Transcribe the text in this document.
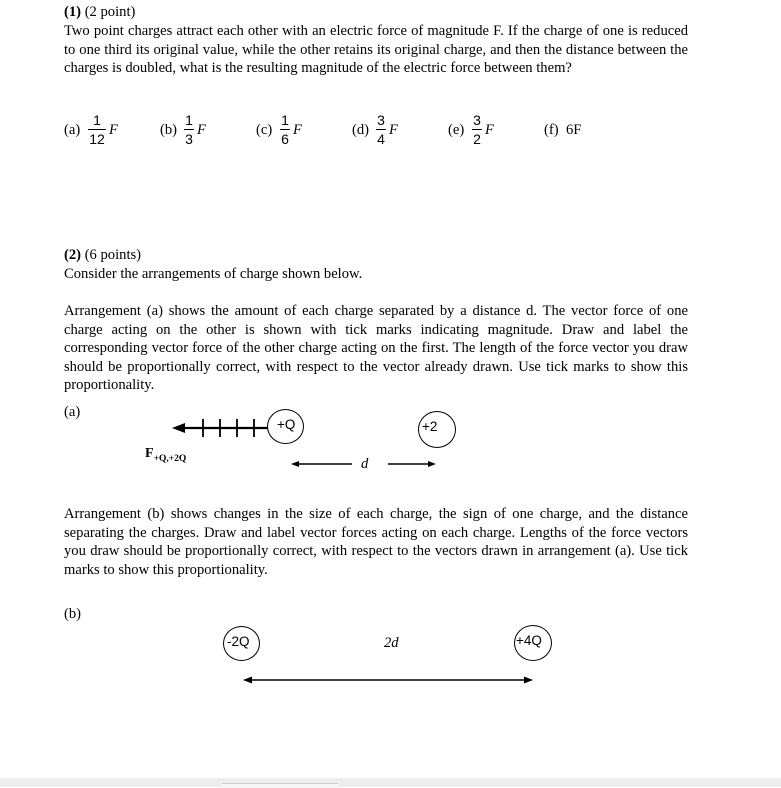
(1) (2 point)
Two point charges attract each other with an electric force of magnitude F. If the charge of one is reduced to one third its original value, while the other retains its original charge, and then the distance between the charges is doubled, what is the resulting magnitude of the electric force between them?
(a)
1
12
F	(b)
1
3
F	(c)
1
6
F	(d)
3
4
F	(e)
3
2
F	(f) 6F
(2) (6 points)
Consider the arrangements of charge shown below.
Arrangement (a) shows the amount of each charge separated by a distance d. The vector force of one charge acting on the other is shown with tick marks indicating magnitude. Draw and label the corresponding vector force of the other charge acting on the first. The length of the force vector you draw should be proportionally correct, with respect to the vector already drawn. Use tick marks to show this proportionality.
(a)
+Q	+2
$F_{+Q,+2Q}$	d
Arrangement (b) shows changes in the size of each charge, the sign of one charge, and the distance separating the charges. Draw and label vector forces acting on each charge. Lengths of the force vectors you draw should be proportionally correct, with respect to the vectors drawn in arrangement (a). Use tick marks to show this proportionality.
(b)
-2Q	+4Q
2d
